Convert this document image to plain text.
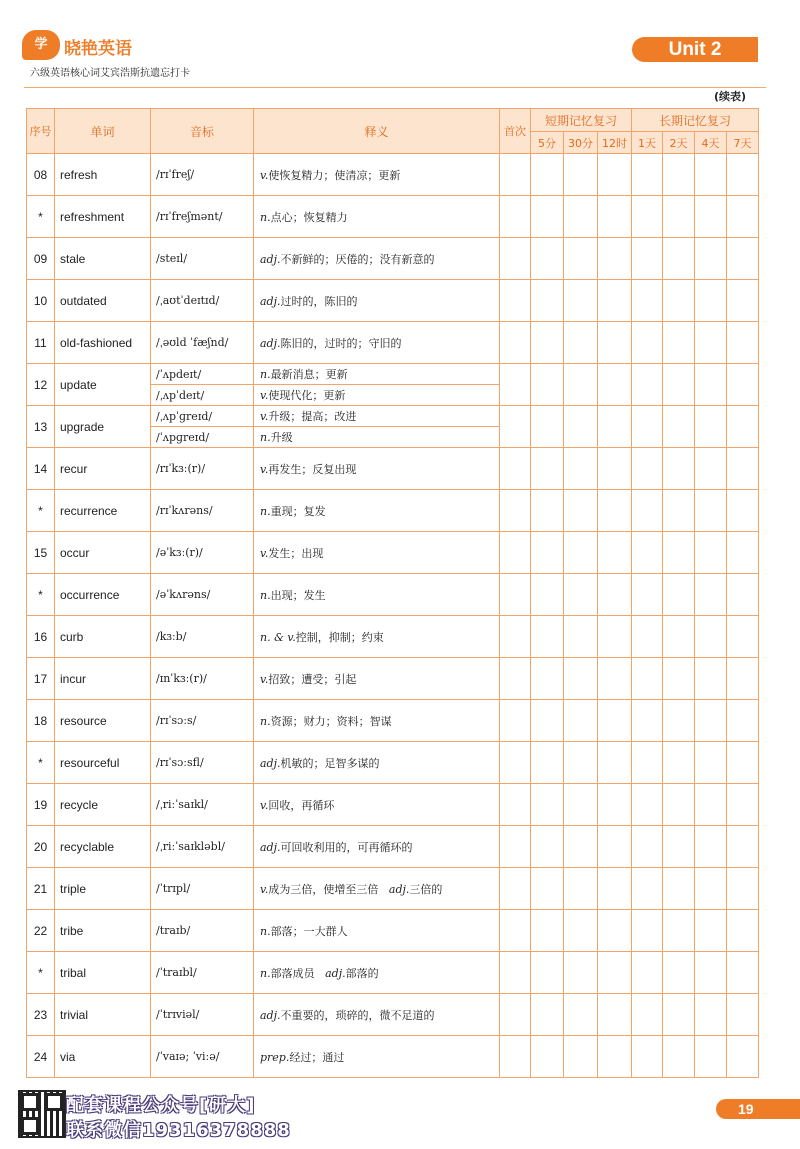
学 晓艳英语
六级英语核心词艾宾浩斯抗遗忘打卡
Unit 2
(续表)
序号	单词	音标	释义	首次	短期记忆复习			长期记忆复习			
					5分	30分	12时	1天	2天	4天	7天
08	refresh	/rɪˈfreʃ/	v.使恢复精力；使清凉；更新								
*	refreshment	/rɪˈfreʃmənt/	n.点心；恢复精力								
09	stale	/steɪl/	adj.不新鲜的；厌倦的；没有新意的								
10	outdated	/ˌaʊtˈdeɪtɪd/	adj.过时的，陈旧的								
11	old-fashioned	/ˌəʊld ˈfæʃnd/	adj.陈旧的，过时的；守旧的								
12	update	/ˈʌpdeɪt/	n.最新消息；更新								
		/ˌʌpˈdeɪt/	v.使现代化；更新								
13	upgrade	/ˌʌpˈɡreɪd/	v.升级；提高；改进								
		/ˈʌpɡreɪd/	n.升级								
14	recur	/rɪˈkɜː(r)/	v.再发生；反复出现								
*	recurrence	/rɪˈkʌrəns/	n.重现；复发								
15	occur	/əˈkɜː(r)/	v.发生；出现								
*	occurrence	/əˈkʌrəns/	n.出现；发生								
16	curb	/kɜːb/	n. & v.控制，抑制；约束								
17	incur	/ɪnˈkɜː(r)/	v.招致；遭受；引起								
18	resource	/rɪˈsɔːs/	n.资源；财力；资料；智谋								
*	resourceful	/rɪˈsɔːsfl/	adj.机敏的；足智多谋的								
19	recycle	/ˌriːˈsaɪkl/	v.回收，再循环								
20	recyclable	/ˌriːˈsaɪkləbl/	adj.可回收利用的，可再循环的								
21	triple	/ˈtrɪpl/	v.成为三倍，使增至三倍 adj.三倍的								
22	tribe	/traɪb/	n.部落；一大群人								
*	tribal	/ˈtraɪbl/	n.部落成员 adj.部落的								
23	trivial	/ˈtrɪviəl/	adj.不重要的，琐碎的，微不足道的								
24	via	/ˈvaɪə; ˈviːə/	prep.经过；通过								
配套课程公众号[研大]
联系微信19316378888
19
